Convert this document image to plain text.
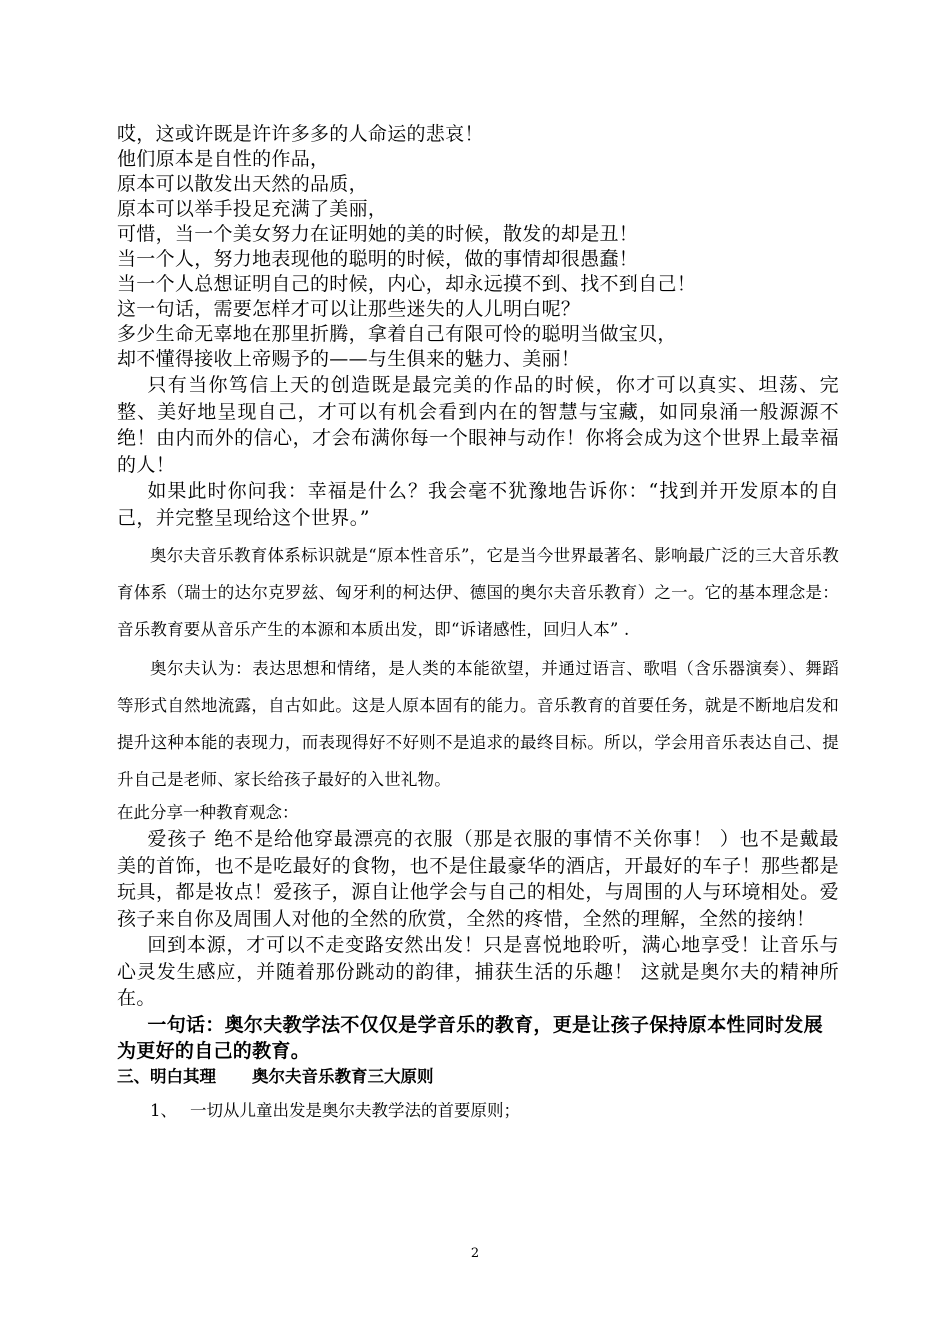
哎，这或许既是许许多多的人命运的悲哀！

他们原本是自性的作品，

原本可以散发出天然的品质，

原本可以举手投足充满了美丽，

可惜，当一个美女努力在证明她的美的时候，散发的却是丑！

当一个人，努力地表现他的聪明的时候，做的事情却很愚蠢！

当一个人总想证明自己的时候，内心，却永远摸不到、找不到自己！

这一句话，需要怎样才可以让那些迷失的人儿明白呢？

多少生命无辜地在那里折腾，拿着自己有限可怜的聪明当做宝贝，

却不懂得接收上帝赐予的——与生俱来的魅力、美丽！

只有当你笃信上天的创造既是最完美的作品的时候，你才可以真实、坦荡、完整、美好地呈现自己，才可以有机会看到内在的智慧与宝藏，如同泉涌一般源源不绝！由内而外的信心，才会布满你每一个眼神与动作！你将会成为这个世界上最幸福的人！

如果此时你问我：幸福是什么？我会毫不犹豫地告诉你：“找到并开发原本的自己，并完整呈现给这个世界。”

奥尔夫音乐教育体系标识就是“原本性音乐”，它是当今世界最著名、影响最广泛的三大音乐教育体系（瑞士的达尔克罗兹、匈牙利的柯达伊、德国的奥尔夫音乐教育）之一。它的基本理念是：音乐教育要从音乐产生的本源和本质出发，即“诉诸感性，回归人本” .

奥尔夫认为：表达思想和情绪，是人类的本能欲望，并通过语言、歌唱（含乐器演奏）、舞蹈等形式自然地流露，自古如此。这是人原本固有的能力。音乐教育的首要任务，就是不断地启发和提升这种本能的表现力，而表现得好不好则不是追求的最终目标。所以，学会用音乐表达自己、提升自己是老师、家长给孩子最好的入世礼物。

在此分享一种教育观念：

爱孩子 绝不是给他穿最漂亮的衣服（那是衣服的事情不关你事！ ）也不是戴最美的首饰，也不是吃最好的食物，也不是住最豪华的酒店，开最好的车子！那些都是玩具，都是妆点！爱孩子，源自让他学会与自己的相处，与周围的人与环境相处。爱孩子来自你及周围人对他的全然的欣赏，全然的疼惜，全然的理解，全然的接纳！

回到本源，才可以不走变路安然出发！只是喜悦地聆听，满心地享受！让音乐与心灵发生感应，并随着那份跳动的韵律，捕获生活的乐趣！ 这就是奥尔夫的精神所在。

一句话：奥尔夫教学法不仅仅是学音乐的教育，更是让孩子保持原本性同时发展为更好的自己的教育。

三、明白其理 奥尔夫音乐教育三大原则

1、 一切从儿童出发是奥尔夫教学法的首要原则；

2
